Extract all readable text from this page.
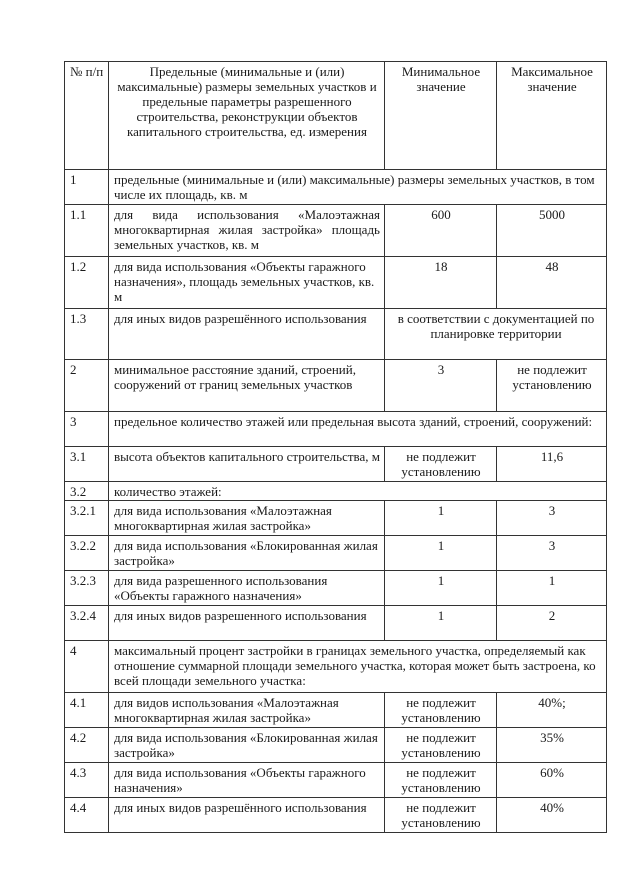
№ п/п	Предельные (минимальные и (или) максимальные) размеры земельных участков и предельные параметры разрешенного строительства, реконструкции объектов капитального строительства, ед. измерения	Минимальное значение	Максимальное значение
1	предельные (минимальные и (или) максимальные) размеры земельных участков, в том числе их площадь, кв. м		
1.1	для вида использования «Малоэтажная многоквартирная жилая застройка» площадь земельных участков, кв. м	600	5000
1.2	для вида использования «Объекты гаражного назначения», площадь земельных участков, кв. м	18	48
1.3	для иных видов разрешённого использования	в соответствии с документацией по планировке территории	
2	минимальное расстояние зданий, строений, сооружений от границ земельных участков	3	не подлежит установлению
3	предельное количество этажей или предельная высота зданий, строений, сооружений:		
3.1	высота объектов капитального строительства, м	не подлежит установлению	11,6
3.2	количество этажей:		
3.2.1	для вида использования «Малоэтажная многоквартирная жилая застройка»	1	3
3.2.2	для вида использования «Блокированная жилая застройка»	1	3
3.2.3	для вида разрешенного использования «Объекты гаражного назначения»	1	1
3.2.4	для иных видов разрешенного использования	1	2
4	максимальный процент застройки в границах земельного участка, определяемый как отношение суммарной площади земельного участка, которая может быть застроена, ко всей площади земельного участка:		
4.1	для видов использования «Малоэтажная многоквартирная жилая застройка»	не подлежит установлению	40%;
4.2	для вида использования «Блокированная жилая застройка»	не подлежит установлению	35%
4.3	для вида использования «Объекты гаражного назначения»	не подлежит установлению	60%
4.4	для иных видов разрешённого использования	не подлежит установлению	40%
